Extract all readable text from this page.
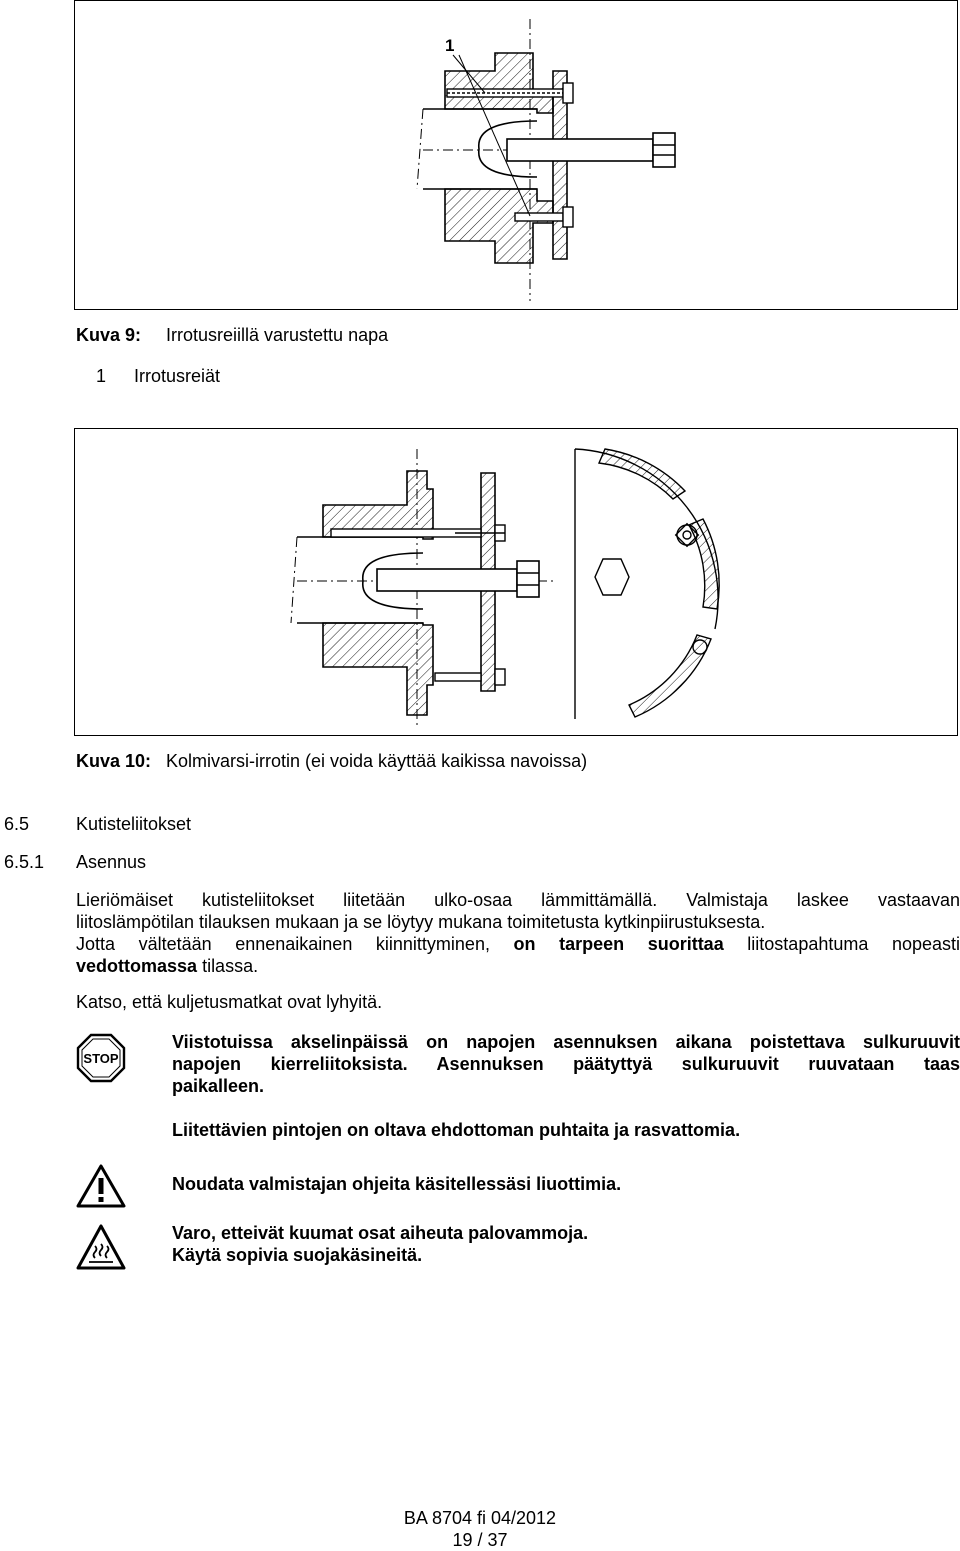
1
Kuva 9: Irrotusreiillä varustettu napa
1 Irrotusreiät
Kuva 10: Kolmivarsi-irrotin (ei voida käyttää kaikissa navoissa)
6.5	Kutisteliitokset
6.5.1 Asennus
Lieriömäiset kutisteliitokset liitetään ulko-osaa lämmittämällä. Valmistaja laskee vastaavan
liitoslämpötilan tilauksen mukaan ja se löytyy mukana toimitetusta kytkinpiirustuksesta.
Jotta vältetään ennenaikainen kiinnittyminen, on tarpeen suorittaa liitostapahtuma nopeasti
vedottomassa tilassa.
Katso, että kuljetusmatkat ovat lyhyitä.
STOP
Viistotuissa akselinpäissä on napojen asennuksen aikana poistettava sulkuruuvit
napojen kierreliitoksista. Asennuksen päätyttyä sulkuruuvit ruuvataan taas
paikalleen.
Liitettävien pintojen on oltava ehdottoman puhtaita ja rasvattomia.
Noudata valmistajan ohjeita käsitellessäsi liuottimia.
Varo, etteivät kuumat osat aiheuta palovammoja.
Käytä sopivia suojakäsineitä.
BA 8704 fi 04/2012
19 / 37
